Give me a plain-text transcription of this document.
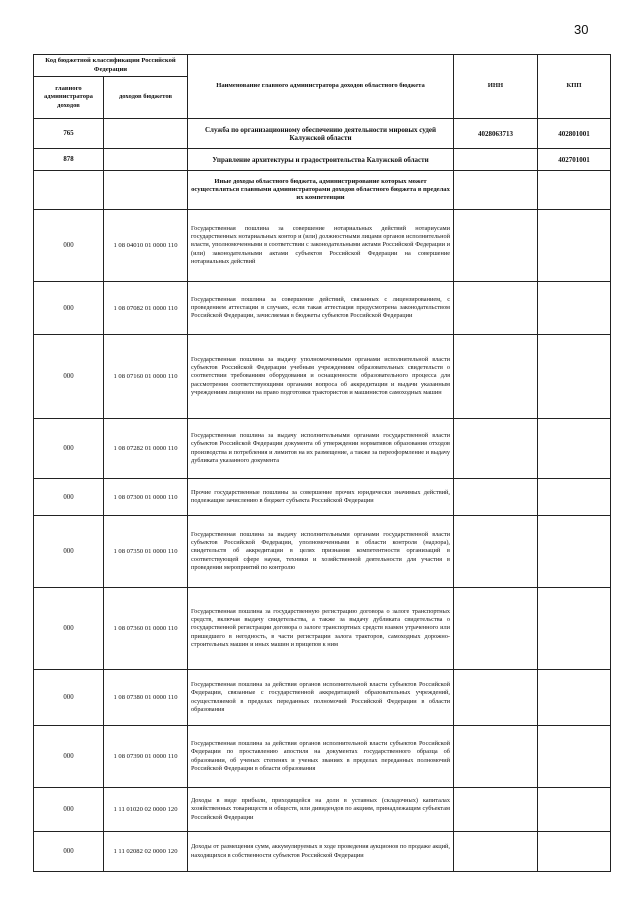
30
Код бюджетной классификации Российской Федерации		Наименование главного администратора доходов областного бюджета	ИНН	КПП
главного администратора доходов	доходов бюджетов			
765		Служба по организационному обеспечению деятельности мировых судей Калужской области	4028063713	402801001
878		Управление архитектуры и градостроительства Калужской области		402701001
		Иные доходы областного бюджета, администрирование которых может осуществляться главными администраторами доходов областного бюджета в пределах их компетенции		
000	1 08 04010 01 0000 110	Государственная пошлина за совершение нотариальных действий нотариусами государственных нотариальных контор и (или) должностными лицами органов исполнительной власти, уполномоченными в соответствии с законодательными актами Российской Федерации и (или) законодательными актами субъектов Российской Федерации на совершение нотариальных действий		
000	1 08 07082 01 0000 110	Государственная пошлина за совершение действий, связанных с лицензированием, с проведением аттестации в случаях, если такая аттестация предусмотрена законодательством Российской Федерации, зачисляемая в бюджеты субъектов Российской Федерации		
000	1 08 07160 01 0000 110	Государственная пошлина за выдачу уполномоченными органами исполнительной власти субъектов Российской Федерации учебным учреждениям образовательных свидетельств о соответствии требованиям оборудования и оснащенности образовательного процесса для рассмотрения соответствующими органами вопроса об аккредитации и выдачи указанным учреждениям лицензии на право подготовки трактористов и машинистов самоходных машин		
000	1 08 07282 01 0000 110	Государственная пошлина за выдачу исполнительными органами государственной власти субъектов Российской Федерации документа об утверждении нормативов образования отходов производства и потребления и лимитов на их размещение, а также за переоформление и выдачу дубликата указанного документа		
000	1 08 07300 01 0000 110	Прочие государственные пошлины за совершение прочих юридически значимых действий, подлежащие зачислению в бюджет субъекта Российской Федерации		
000	1 08 07350 01 0000 110	Государственная пошлина за выдачу исполнительными органами государственной власти субъектов Российской Федерации, уполномоченными в области контроля (надзора), свидетельств об аккредитации в целях признания компетентности организаций в соответствующей сфере науки, техники и хозяйственной деятельности для участия в проведении мероприятий по контролю		
000	1 08 07360 01 0000 110	Государственная пошлина за государственную регистрацию договора о залоге транспортных средств, включая выдачу свидетельства, а также за выдачу дубликата свидетельства о государственной регистрации договора о залоге транспортных средств взамен утраченного или пришедшего в негодность, в части регистрации залога тракторов, самоходных дорожно-строительных машин и иных машин и прицепов к ним		
000	1 08 07380 01 0000 110	Государственная пошлина за действия органов исполнительной власти субъектов Российской Федерации, связанные с государственной аккредитацией образовательных учреждений, осуществляемой в пределах переданных полномочий Российской Федерации в области образования		
000	1 08 07390 01 0000 110	Государственная пошлина за действия органов исполнительной власти субъектов Российской Федерации по проставлению апостиля на документах государственного образца об образовании, об ученых степенях и ученых званиях в пределах переданных полномочий Российской Федерации в области образования		
000	1 11 01020 02 0000 120	Доходы в виде прибыли, приходящейся на доли в уставных (складочных) капиталах хозяйственных товариществ и обществ, или дивидендов по акциям, принадлежащим субъектам Российской Федерации		
000	1 11 02082 02 0000 120	Доходы от размещения сумм, аккумулируемых в ходе проведения аукционов по продаже акций, находящихся в собственности субъектов Российской Федерации		
